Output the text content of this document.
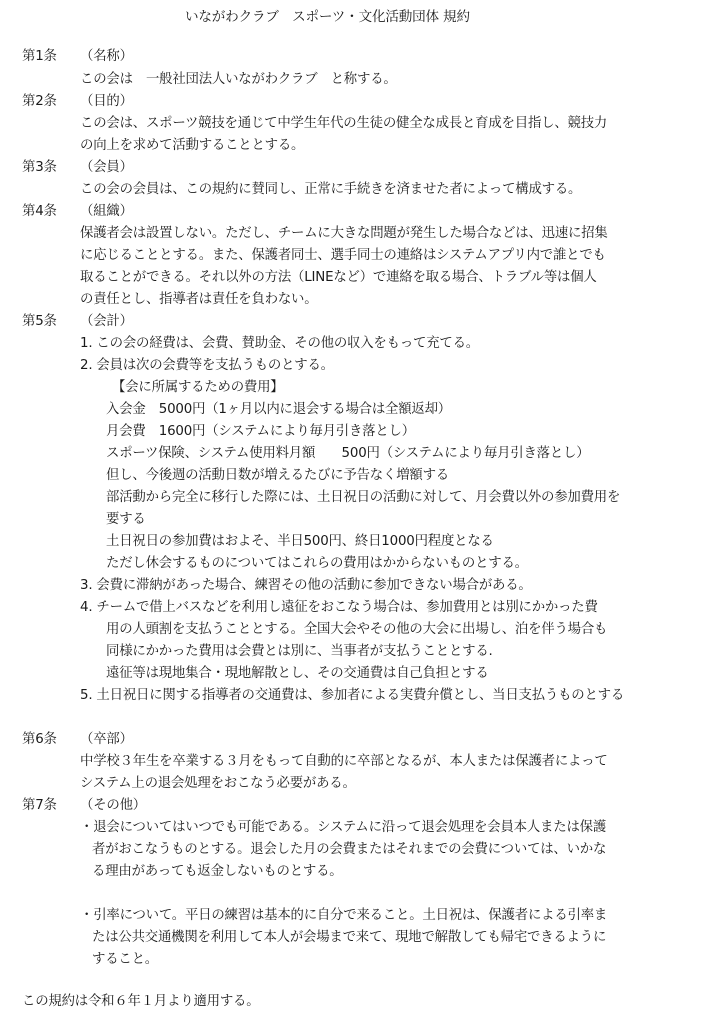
いながわクラブ　スポーツ・文化活動団体 規約
第1条 （名称）
この会は　一般社団法人いながわクラブ　と称する。
第2条 （目的）
この会は、スポーツ競技を通じて中学生年代の生徒の健全な成長と育成を目指し、競技力
の向上を求めて活動することとする。
第3条 （会員）
この会の会員は、この規約に賛同し、正常に手続きを済ませた者によって構成する。
第4条 （組織）
保護者会は設置しない。ただし、チームに大きな問題が発生した場合などは、迅速に招集
に応じることとする。また、保護者同士、選手同士の連絡はシステムアプリ内で誰とでも
取ることができる。それ以外の方法（LINEなど）で連絡を取る場合、トラブル等は個人
の責任とし、指導者は責任を負わない。
第5条 （会計）
1. この会の経費は、会費、賛助金、その他の収入をもって充てる。
2. 会員は次の会費等を支払うものとする。
【会に所属するための費用】
入会金　5000円（1ヶ月以内に退会する場合は全額返却）
月会費　1600円（システムにより毎月引き落とし）
スポーツ保険、システム使用料月額　　500円（システムにより毎月引き落とし）
但し、今後週の活動日数が増えるたびに予告なく増額する
部活動から完全に移行した際には、土日祝日の活動に対して、月会費以外の参加費用を
要する
土日祝日の参加費はおよそ、半日500円、終日1000円程度となる
ただし休会するものについてはこれらの費用はかからないものとする。
3. 会費に滞納があった場合、練習その他の活動に参加できない場合がある。
4. チームで借上バスなどを利用し遠征をおこなう場合は、参加費用とは別にかかった費
用の人頭割を支払うこととする。全国大会やその他の大会に出場し、泊を伴う場合も
同様にかかった費用は会費とは別に、当事者が支払うこととする.
遠征等は現地集合・現地解散とし、その交通費は自己負担とする
5. 土日祝日に関する指導者の交通費は、参加者による実費弁償とし、当日支払うものとする
第6条 （卒部）
中学校３年生を卒業する３月をもって自動的に卒部となるが、本人または保護者によって
システム上の退会処理をおこなう必要がある。
第7条 （その他）
・退会についてはいつでも可能である。システムに沿って退会処理を会員本人または保護
者がおこなうものとする。退会した月の会費またはそれまでの会費については、いかな
る理由があっても返金しないものとする。
・引率について。平日の練習は基本的に自分で来ること。土日祝は、保護者による引率ま
たは公共交通機関を利用して本人が会場まで来て、現地で解散しても帰宅できるように
すること。
この規約は令和６年１月より適用する。
